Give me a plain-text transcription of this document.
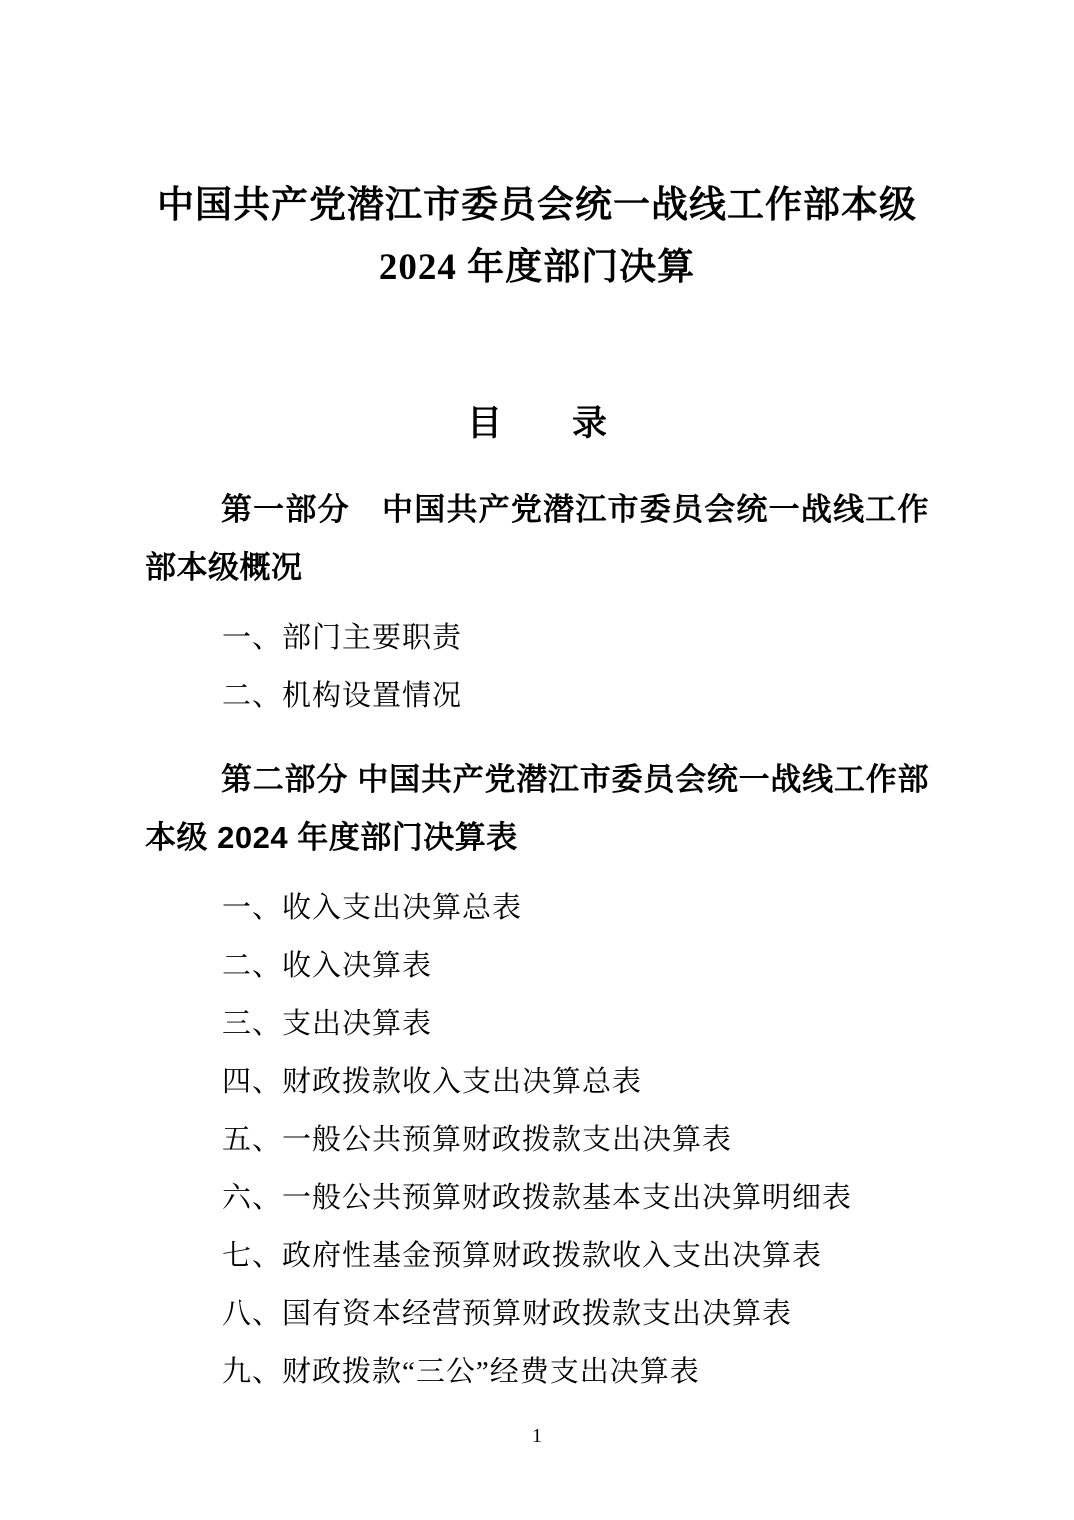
中国共产党潜江市委员会统一战线工作部本级
2024 年度部门决算
目　　录

第一部分　中国共产党潜江市委员会统一战线工作部本级概况

一、部门主要职责
二、机构设置情况

第二部分 中国共产党潜江市委员会统一战线工作部本级 2024 年度部门决算表

一、收入支出决算总表
二、收入决算表
三、支出决算表
四、财政拨款收入支出决算总表
五、一般公共预算财政拨款支出决算表
六、一般公共预算财政拨款基本支出决算明细表
七、政府性基金预算财政拨款收入支出决算表
八、国有资本经营预算财政拨款支出决算表
九、财政拨款“三公”经费支出决算表
1
